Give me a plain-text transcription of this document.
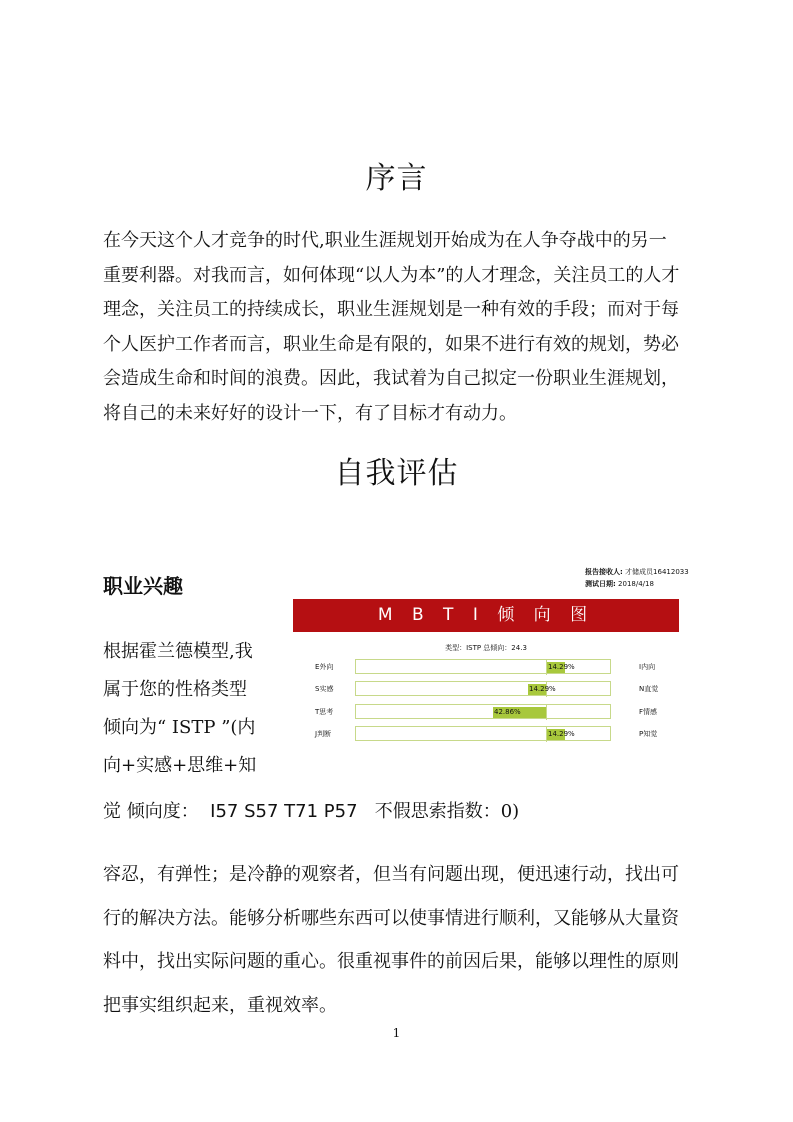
序言
在今天这个人才竞争的时代,职业生涯规划开始成为在人争夺战中的另一
重要利器。对我而言，如何体现“以人为本”的人才理念，关注员工的人才
理念，关注员工的持续成长，职业生涯规划是一种有效的手段；而对于每
个人医护工作者而言，职业生命是有限的，如果不进行有效的规划，势必
会造成生命和时间的浪费。因此，我试着为自己拟定一份职业生涯规划，
将自己的未来好好的设计一下，有了目标才有动力。
自我评估
职业兴趣
根据霍兰德模型,我
属于您的性格类型
倾向为“ ISTP ”(内
向+实感+思维+知
觉 倾向度：  I57 S57 T71 P57   不假思索指数：0)
容忍，有弹性；是冷静的观察者，但当有问题出现，便迅速行动，找出可
行的解决方法。能够分析哪些东西可以使事情进行顺利，又能够从大量资
料中，找出实际问题的重心。很重视事件的前因后果，能够以理性的原则
把事实组织起来，重视效率。
1
报告接收人: 才储成员16412033
测试日期: 2018/4/18
M B T I 倾 向 图
类型：ISTP 总倾向：24.3
E外向	14.29%	I内向
S实感	14.29%	N直觉
T思考	42.86%	F情感
J判断	14.29%	P知觉
